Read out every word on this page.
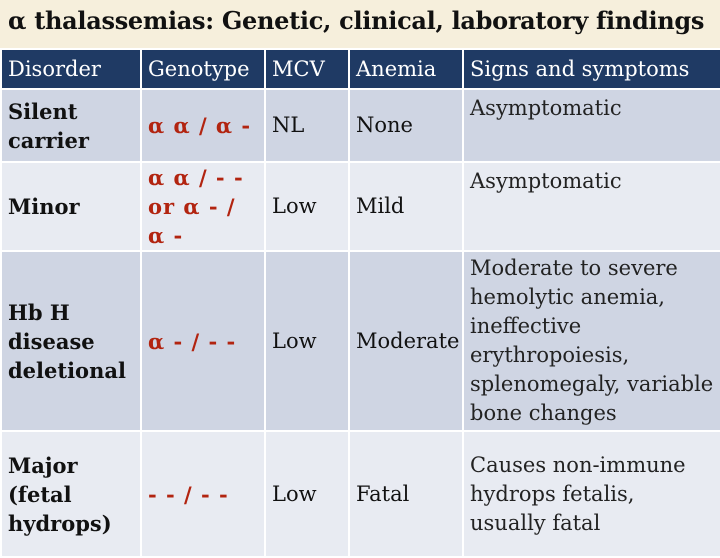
α thalassemias: Genetic, clinical, laboratory findings
Disorder	Genotype	MCV	Anemia	Signs and symptoms
Silent carrier	α α / α -	NL	None	Asymptomatic
Minor	α α / - - or α - / α -	Low	Mild	Asymptomatic
Hb H disease deletional	α - / - -	Low	Moderate	Moderate to severe hemolytic anemia, ineffective erythropoiesis, splenomegaly, variable bone changes
Major (fetal hydrops)	- - / - -	Low	Fatal	Causes non-immune hydrops fetalis, usually fatal
